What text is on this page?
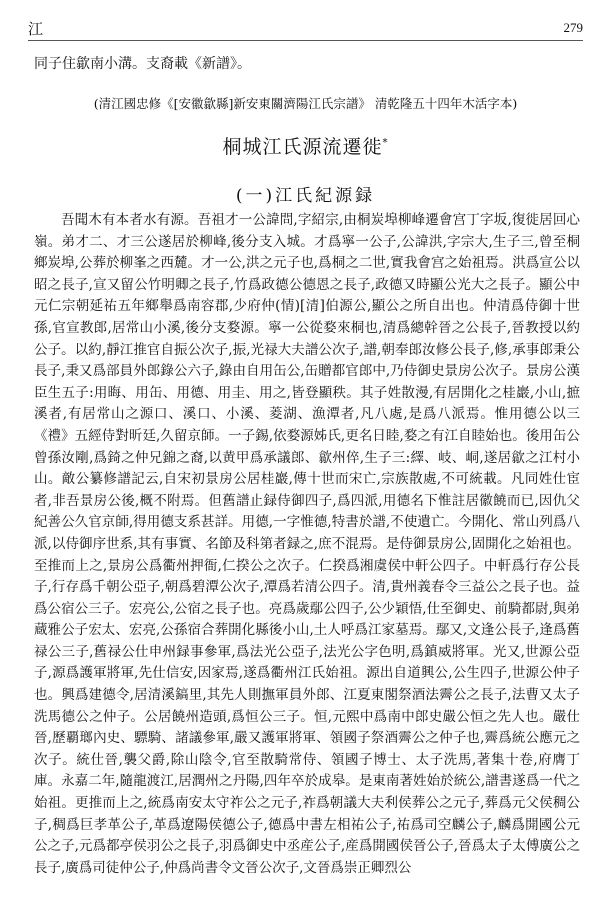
江	279
同子住歙南小溝。支裔載《新譜》。
(清江國忠修《[安徽歙縣]新安東關濟陽江氏宗譜》 清乾隆五十四年木活字本)
桐城江氏源流遷徙*
(一)江氏紀源録
吾聞木有本者水有源。吾祖才一公諱問,字紹宗,由桐炭埠柳峰遷會宫丁字坂,復徙居回心嶺。弟才二、才三公遂居於柳峰,後分支入城。才爲寧一公子,公諱洪,字宗大,生子三,曾至桐鄉炭埠,公葬於柳峯之西麓。才一公,洪之元子也,爲桐之二世,實我會宫之始祖焉。洪爲宣公以昭之長子,宣又留公竹明卿之長子,竹爲政德公德恩之長子,政德又時顯公光大之長子。顯公中元仁宗朝延祐五年鄉舉爲南容郡,少府仲(情)[清]伯源公,顯公之所自出也。仲清爲侍御十世孫,官宣教郎,居常山小溪,後分支婺源。寧一公從婺來桐也,清爲總幹晉之公長子,晉教授以約公子。以約,靜江推官自振公次子,振,光禄大夫譜公次子,譜,朝奉郎汝修公長子,修,承事郎秉公長子,秉又爲部員外郎錄公六子,錄由自用缶公,缶贈都官郎中,乃侍御史景房公次子。景房公漢臣生五子:用晦、用缶、用德、用圭、用之,皆登顯秩。其子姓散漫,有居開化之桂巖,小山,摭溪者,有居常山之源口、溪口、小溪、菱湖、漁潭者,凡八處,是爲八派焉。惟用德公以三《禮》五經侍對昕廷,久留京師。一子錫,依婺源姊氏,更名日睦,婺之有江自睦始也。後用缶公曾孫汝剛,爲錡之仲兄錦之裔,以黄甲爲承議郎、歙州倅,生子三:繹、岐、峒,遂居歙之江村小山。敵公纂修譜記云,自宋初景房公居桂巖,傳十世而宋亡,宗族散處,不可統載。凡同姓仕宦者,非吾景房公後,概不附焉。但舊譜止録侍御四子,爲四派,用德名下惟註居徽饒而已,因仇父紀善公久官京師,得用德支系甚詳。用德,一字惟德,特書於譜,不使遺亡。今開化、常山列爲八派,以侍御序世系,其有事實、名節及科第者録之,庶不混焉。是侍御景房公,固開化之始祖也。至推而上之,景房公爲衢州押衙,仁揆公之次子。仁揆爲湘虞侯中軒公四子。中軒爲行存公長子,行存爲千朝公亞子,朝爲碧潭公次子,潭爲若清公四子。清,貴州義春令三益公之長子也。益爲公宿公三子。宏亮公,公宿之長子也。亮爲歲鄢公四子,公少穎悟,仕至御史、前騎都尉,與弟蔵雅公子宏太、宏亮,公孫宿合葬開化縣後小山,土人呼爲江家墓焉。鄢又,文逢公長子,逢爲舊禄公三子,舊禄公仕申州録事參軍,爲法光公亞子,法光公字色明,爲鎮威將軍。光又,世源公亞子,源爲護軍將軍,先仕信安,因家焉,遂爲衢州江氏始祖。源出自道興公,公生四子,世源公仲子也。興爲建德令,居清溪鎬里,其先人則撫軍員外郎、江夏東閣祭酒法霽公之長子,法曹又太子洗馬德公之仲子。公居饒州造頭,爲恒公三子。恒,元熙中爲南中郎史嚴公恒之先人也。嚴仕晉,歷覇瑯內史、驃騎、諸議參軍,嚴又護軍將軍、領國子祭酒霽公之仲子也,霽爲統公應元之次子。統仕晉,襲父爵,除山陰令,官至散騎常侍、領國子博士、太子洗馬,著集十卷,府膺丁庫。永嘉二年,隨龍渡江,居潤州之丹陽,四年卒於成皋。是東南著姓始於統公,譜書遂爲一代之始祖。更推而上之,統爲南安太守祚公之元子,祚爲朝議大夫利侯葬公之元子,葬爲元父侯稠公子,稠爲巨孝革公子,革爲遼陽侯德公子,德爲中書左相祐公子,祐爲司空麟公子,麟爲開國公元公之子,元爲都亭侯羽公之長子,羽爲御史中丞産公子,産爲開國侯晉公子,晉爲太子太傅廣公之長子,廣爲司徒仲公子,仲爲尚書令文晉公次子,文晉爲崇正卿烈公
